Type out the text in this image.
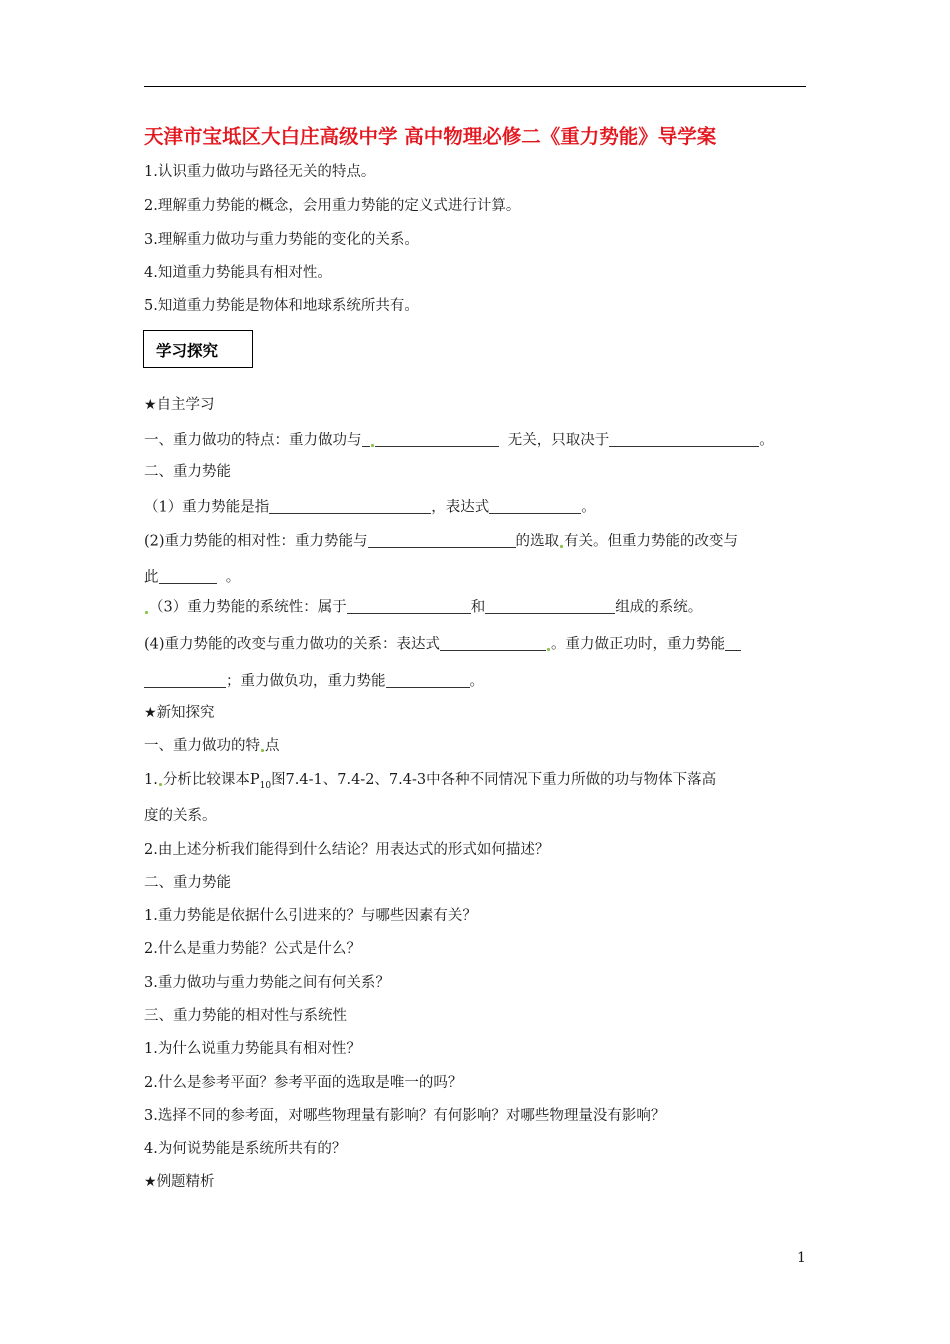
天津市宝坻区大白庄高级中学 高中物理必修二《重力势能》导学案
1.认识重力做功与路径无关的特点。
2.理解重力势能的概念，会用重力势能的定义式进行计算。
3.理解重力做功与重力势能的变化的关系。
4.知道重力势能具有相对性。
5.知道重力势能是物体和地球系统所共有。
学习探究
★自主学习
一、重力做功的特点：重力做功与	无关，只取决于	。
二、重力势能
（1）重力势能是指	，表达式	。
(2)重力势能的相对性：重力势能与	的选取 有关。但重力势能的改变与
此	。
（3）重力势能的系统性：属于	和	组成的系统。
(4)重力势能的改变与重力做功的关系：表达式	。重力做正功时，重力势能
；重力做负功，重力势能	。
★新知探究
一、重力做功的特 点
1. 分析比较课本$P_{10}$图7.4-1、7.4-2、7.4-3中各种不同情况下重力所做的功与物体下落高
度的关系。
2.由上述分析我们能得到什么结论？用表达式的形式如何描述？
二、重力势能
1.重力势能是依据什么引进来的？与哪些因素有关？
2.什么是重力势能？公式是什么？
3.重力做功与重力势能之间有何关系？
三、重力势能的相对性与系统性
1.为什么说重力势能具有相对性？
2.什么是参考平面？参考平面的选取是唯一的吗？
3.选择不同的参考面，对哪些物理量有影响？有何影响？对哪些物理量没有影响？
4.为何说势能是系统所共有的？
★例题精析
1
